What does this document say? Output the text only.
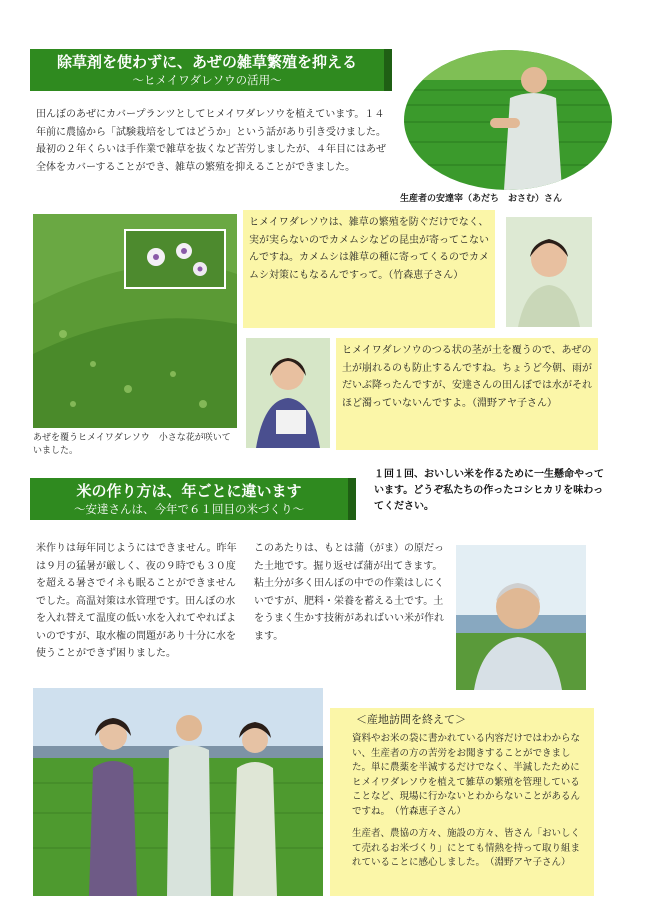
除草剤を使わずに、あぜの雑草繁殖を抑える
～ヒメイワダレソウの活用～
生産者の安達宰（あだち　おさむ）さん
田んぼのあぜにカバープランツとしてヒメイワダレソウを植えています。１４年前に農協から「試験栽培をしてはどうか」という話があり引き受けました。最初の２年くらいは手作業で雑草を抜くなど苦労しましたが、４年目にはあぜ全体をカバーすることができ、雑草の繁殖を抑えることができました。
あぜを覆うヒメイワダレソウ　小さな花が咲いていました。
ヒメイワダレソウは、雑草の繁殖を防ぐだけでなく、実が実らないのでカメムシなどの昆虫が寄ってこないんですね。カメムシは雑草の種に寄ってくるのでカメムシ対策にもなるんですって。（竹森恵子さん）
ヒメイワダレソウのつる状の茎が土を覆うので、あぜの土が崩れるのも防止するんですね。ちょうど今朝、雨がだいぶ降ったんですが、安達さんの田んぼでは水がそれほど濁っていないんですよ。（淵野アヤ子さん）
米の作り方は、年ごとに違います
～安達さんは、今年で６１回目の米づくり～
１回１回、おいしい米を作るために一生懸命やっています。どうぞ私たちの作ったコシヒカリを味わってください。
米作りは毎年同じようにはできません。昨年は９月の猛暑が厳しく、夜の９時でも３０度を超える暑さでイネも眠ることができませんでした。高温対策は水管理です。田んぼの水を入れ替えて温度の低い水を入れてやればよいのですが、取水権の問題があり十分に水を使うことができず困りました。
このあたりは、もとは蒲（がま）の原だった土地です。掘り返せば蒲が出てきます。粘土分が多く田んぼの中での作業はしにくいですが、肥料・栄養を蓄える土です。土をうまく生かす技術があればいい米が作れます。
＜産地訪問を終えて＞
資料やお米の袋に書かれている内容だけではわからない、生産者の方の苦労をお聞きすることができました。単に農薬を半減するだけでなく、半減したためにヒメイワダレソウを植えて雑草の繁殖を管理していることなど、現場に行かないとわからないことがあるんですね。　（竹森恵子さん）
生産者、農協の方々、施設の方々、皆さん「おいしくて売れるお米づくり」にとても情熱を持って取り組まれていることに感心しました。　（淵野アヤ子さん）
